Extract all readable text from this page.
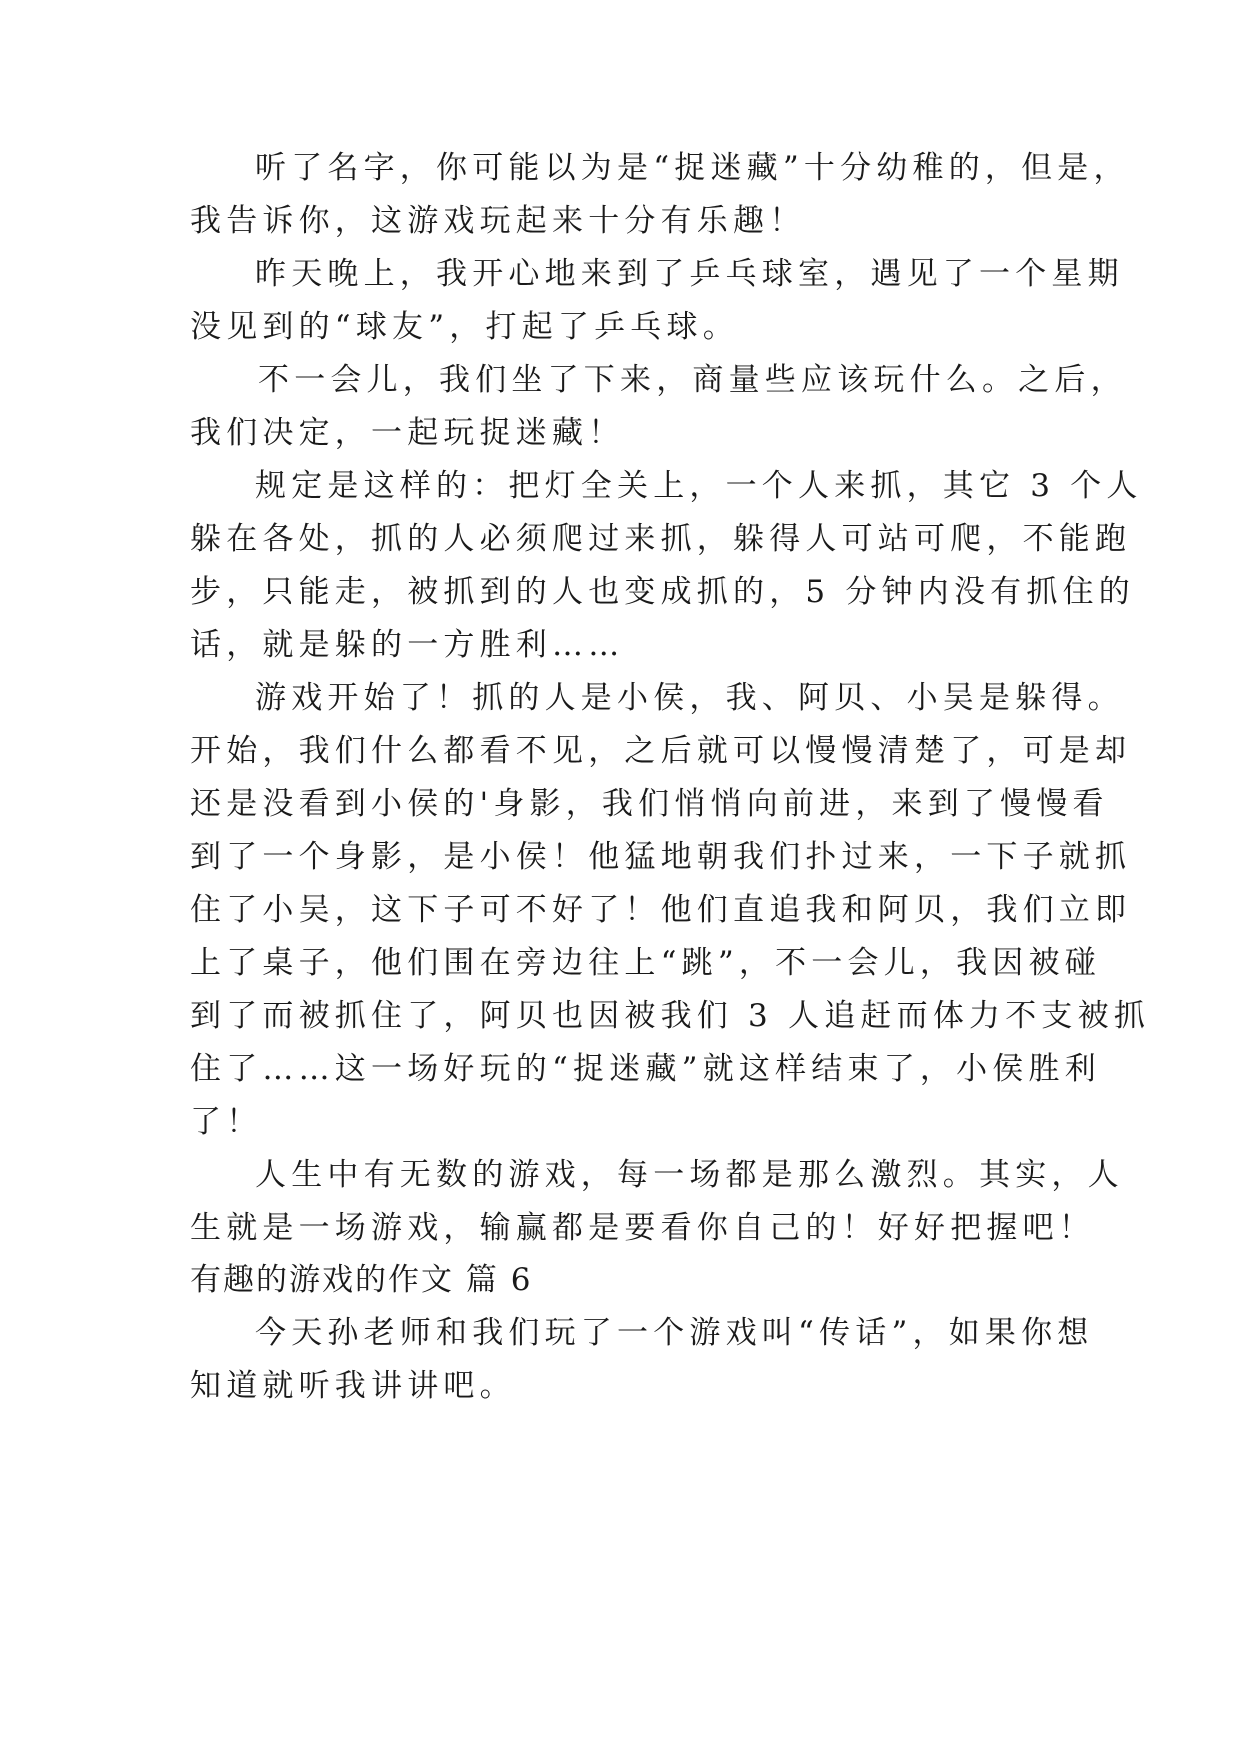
听了名字，你可能以为是“捉迷藏”十分幼稚的，但是，
我告诉你，这游戏玩起来十分有乐趣！
昨天晚上，我开心地来到了乒乓球室，遇见了一个星期
没见到的“球友”，打起了乒乓球。
不一会儿，我们坐了下来，商量些应该玩什么。之后，
我们决定，一起玩捉迷藏！
规定是这样的：把灯全关上，一个人来抓，其它 3 个人
躲在各处，抓的人必须爬过来抓，躲得人可站可爬，不能跑
步，只能走，被抓到的人也变成抓的，5 分钟内没有抓住的
话，就是躲的一方胜利……
游戏开始了！抓的人是小侯，我、阿贝、小吴是躲得。
开始，我们什么都看不见，之后就可以慢慢清楚了，可是却
还是没看到小侯的'身影，我们悄悄向前进，来到了慢慢看
到了一个身影，是小侯！他猛地朝我们扑过来，一下子就抓
住了小吴，这下子可不好了！他们直追我和阿贝，我们立即
上了桌子，他们围在旁边往上“跳”，不一会儿，我因被碰
到了而被抓住了，阿贝也因被我们 3 人追赶而体力不支被抓
住了……这一场好玩的“捉迷藏”就这样结束了，小侯胜利
了！
人生中有无数的游戏，每一场都是那么激烈。其实，人
生就是一场游戏，输赢都是要看你自己的！好好把握吧！
有趣的游戏的作文 篇 6
今天孙老师和我们玩了一个游戏叫“传话”，如果你想
知道就听我讲讲吧。
